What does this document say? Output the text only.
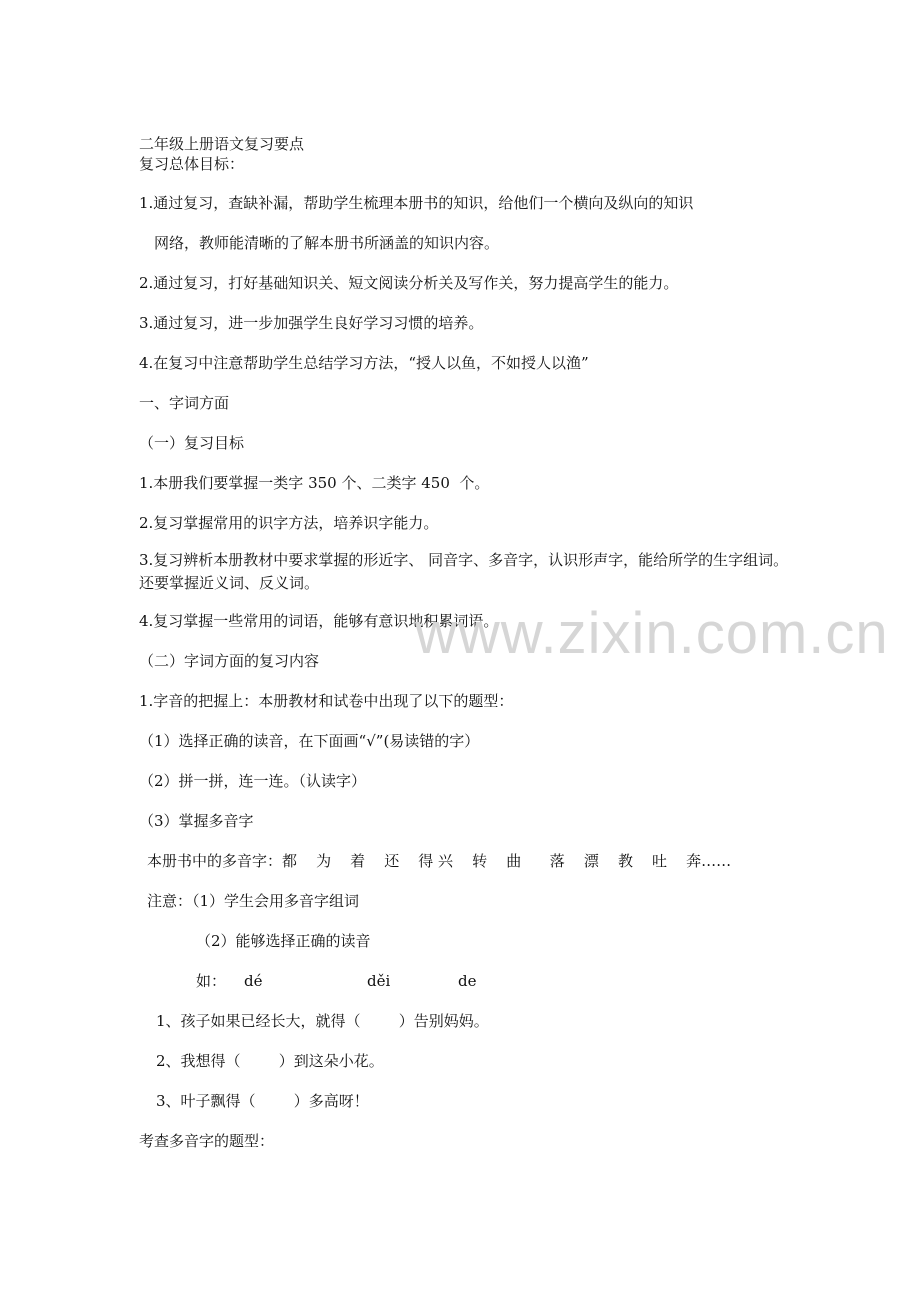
二年级上册语文复习要点
复习总体目标：
1.通过复习，查缺补漏，帮助学生梳理本册书的知识，给他们一个横向及纵向的知识
网络，教师能清晰的了解本册书所涵盖的知识内容。
2.通过复习，打好基础知识关、短文阅读分析关及写作关，努力提高学生的能力。
3.通过复习，进一步加强学生良好学习习惯的培养。
4.在复习中注意帮助学生总结学习方法，“授人以鱼，不如授人以渔”
一、字词方面
（一）复习目标
1.本册我们要掌握一类字 350 个、二类字 450  个。
2.复习掌握常用的识字方法，培养识字能力。
3.复习辨析本册教材中要求掌握的形近字、 同音字、多音字，认识形声字，能给所学的生字组词。还要掌握近义词、反义词。
4.复习掌握一些常用的词语，能够有意识地积累词语。
（二）字词方面的复习内容
1.字音的把握上：本册教材和试卷中出现了以下的题型：
（1）选择正确的读音，在下面画“√”(易读错的字）
（2）拼一拼，连一连。（认读字）
（3）掌握多音字
本册书中的多音字：都    为    着    还    得 兴    转    曲      落    漂    教    吐    奔……
注意：（1）学生会用多音字组词
（2）能够选择正确的读音
如： dé	děi	de
1、孩子如果已经长大，就得（        ）告别妈妈。
2、我想得（        ）到这朵小花。
3、叶子飘得（        ）多高呀！
考查多音字的题型：
www.zixin.com.cn
